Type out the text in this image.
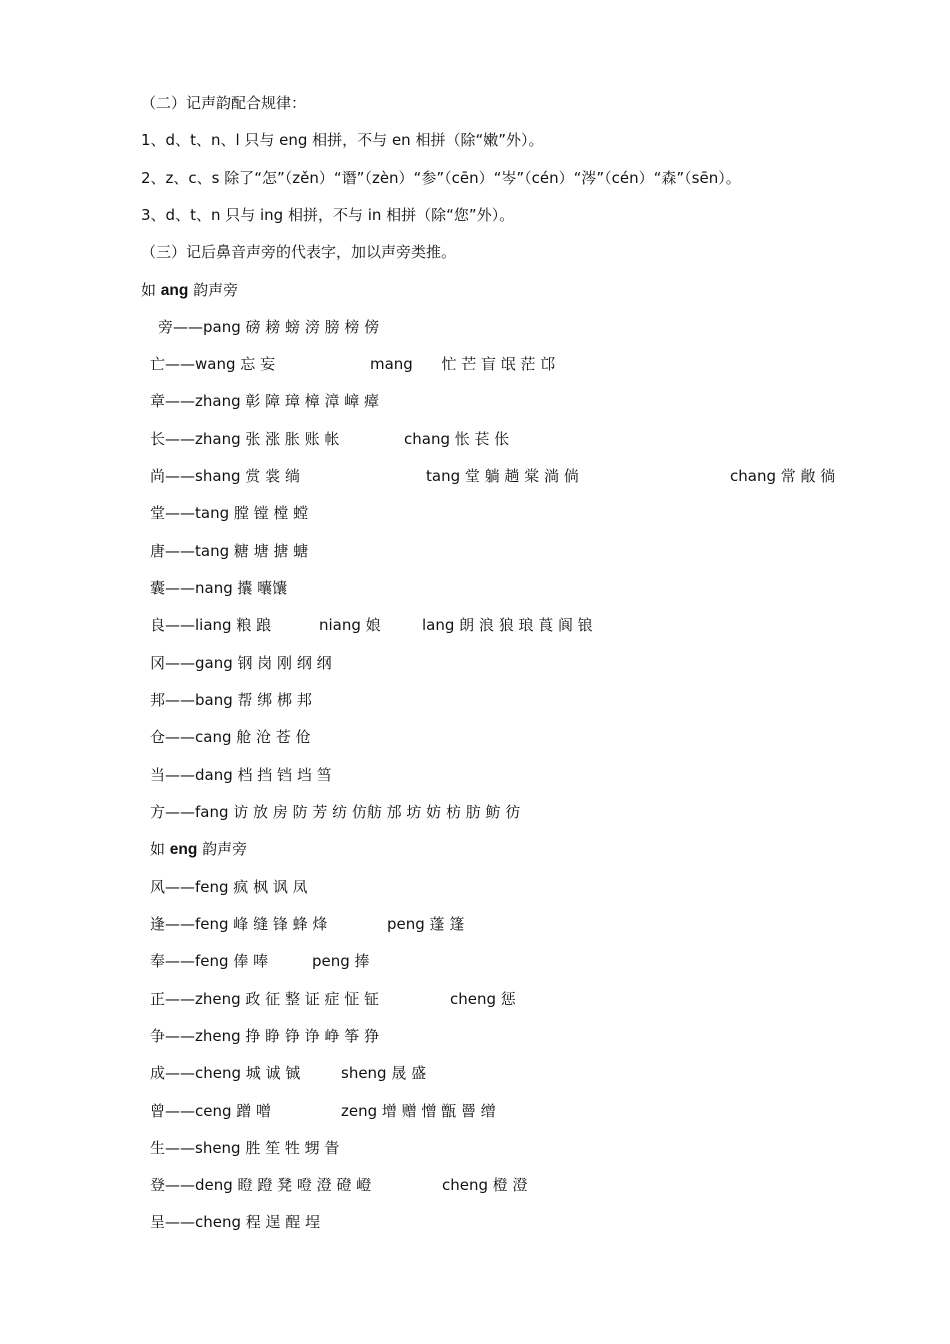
（二）记声韵配合规律：
1、d、t、n、l 只与 eng 相拼，不与 en 相拼（除“嫩”外）。
2、z、c、s 除了“怎”（zěn）“谮”（zèn）“参”（cēn）“岑”（cén）“涔”（cén）“森”（sēn）。
3、d、t、n 只与 ing 相拼，不与 in 相拼（除“您”外）。
（三）记后鼻音声旁的代表字，加以声旁类推。
如 ang 韵声旁
旁——pang 磅 耪 螃 滂 膀 榜 傍
亡——wang 忘 妄	mang      忙 芒 盲 氓 茫 邙
章——zhang 彰 障 璋 樟 漳 嶂 瘴
长——zhang 张 涨 胀 账 帐	chang 怅 苌 伥
尚——shang 赏 裳 绱	tang 堂 躺 趟 棠 淌 倘	chang 常 敞 徜
堂——tang 膛 镗 樘 螳
唐——tang 糖 塘 搪 螗
囊——nang 攮 囔馕
良——liang 粮 踉	niang 娘	lang 朗 浪 狼 琅 莨 阆 锒
冈——gang 钢 岗 刚 纲 纲
邦——bang 帮 绑 梆 邦
仓——cang 舱 沧 苍 伧
当——dang 档 挡 铛 垱 筜
方——fang 访 放 房 防 芳 纺 仿舫 邡 坊 妨 枋 肪 鲂 彷
如 eng 韵声旁
风——feng 疯 枫 讽 凤
逢——feng 峰 缝 锋 蜂 烽	peng 蓬 篷
奉——feng 俸 唪	peng 捧
正——zheng 政 征 整 证 症 怔 钲	cheng 惩
争——zheng 挣 睁 铮 诤 峥 筝 狰
成——cheng 城 诚 铖	sheng 晟 盛
曾——ceng 蹭 噌	zeng 增 赠 憎 甑 罾 缯
生——sheng 胜 笙 牲 甥 眚
登——deng 瞪 蹬 凳 噔 澄 磴 嶝	cheng 橙 澄
呈——cheng 程 逞 酲 埕
